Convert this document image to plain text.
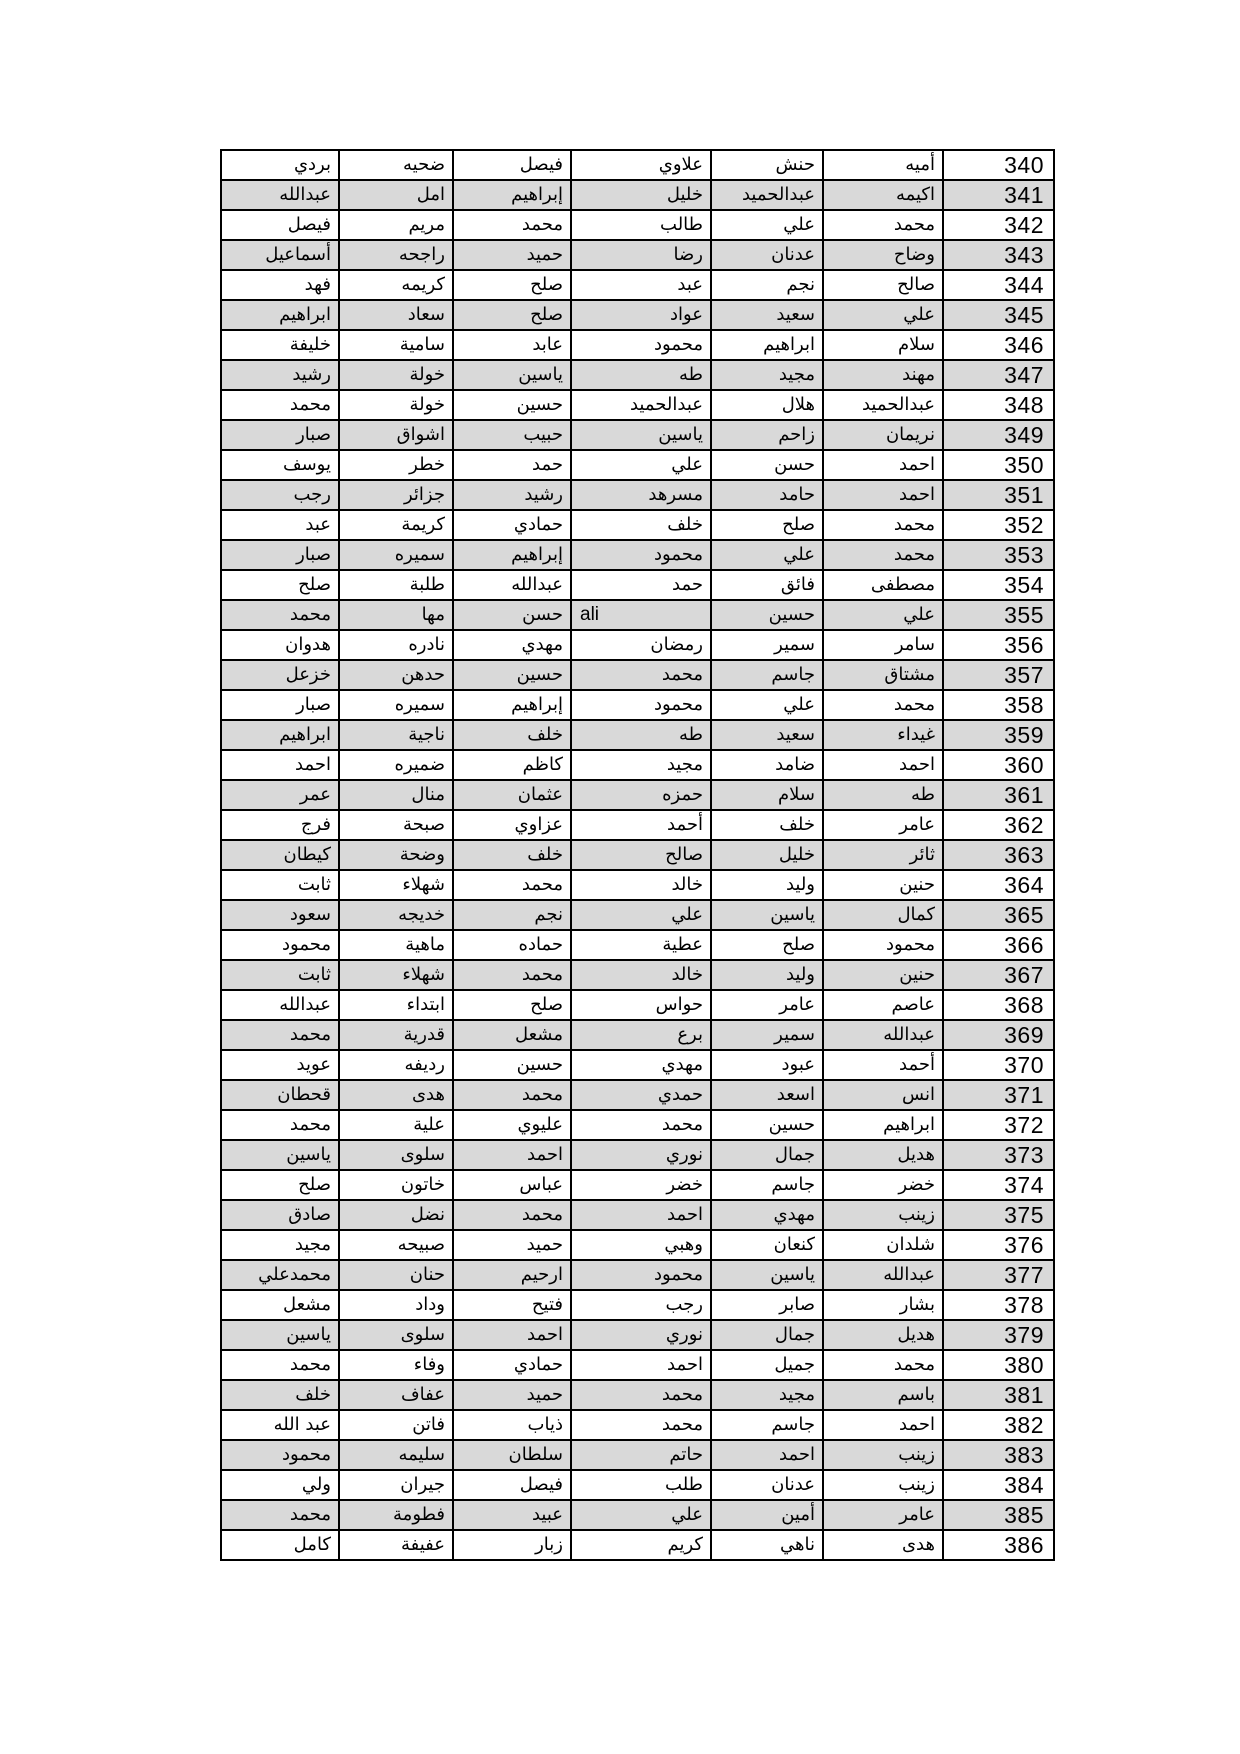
بردي	ضحيه	فيصل	علاوي	حنش	أميه	340
عبدالله	امل	إبراهيم	خليل	عبدالحميد	اكيمه	341
فيصل	مريم	محمد	طالب	علي	محمد	342
أسماعيل	راجحه	حميد	رضا	عدنان	وضاح	343
فهد	كريمه	صلح	عبد	نجم	صالح	344
ابراهيم	سعاد	صلح	عواد	سعيد	علي	345
خليفة	سامية	عابد	محمود	ابراهيم	سلام	346
رشيد	خولة	ياسين	طه	مجيد	مهند	347
محمد	خولة	حسين	عبدالحميد	هلال	عبدالحميد	348
صبار	اشواق	حبيب	ياسين	زاحم	نريمان	349
يوسف	خطر	حمد	علي	حسن	احمد	350
رجب	جزائر	رشيد	مسرهد	حامد	احمد	351
عبد	كريمة	حمادي	خلف	صلح	محمد	352
صبار	سميره	إبراهيم	محمود	علي	محمد	353
صلح	طلبة	عبدالله	حمد	فائق	مصطفى	354
محمد	مها	حسن	ali	حسين	علي	355
هدوان	نادره	مهدي	رمضان	سمير	سامر	356
خزعل	حدهن	حسين	محمد	جاسم	مشتاق	357
صبار	سميره	إبراهيم	محمود	علي	محمد	358
ابراهيم	ناجية	خلف	طه	سعيد	غيداء	359
احمد	ضميره	كاظم	مجيد	ضامد	احمد	360
عمر	منال	عثمان	حمزه	سلام	طه	361
فرج	صبحة	عزاوي	أحمد	خلف	عامر	362
كيطان	وضحة	خلف	صالح	خليل	ثائر	363
ثابت	شهلاء	محمد	خالد	وليد	حنين	364
سعود	خديجه	نجم	علي	ياسين	كمال	365
محمود	ماهية	حماده	عطية	صلح	محمود	366
ثابت	شهلاء	محمد	خالد	وليد	حنين	367
عبدالله	ابتداء	صلح	حواس	عامر	عاصم	368
محمد	قدرية	مشعل	برع	سمير	عبدالله	369
عويد	رديفه	حسين	مهدي	عبود	أحمد	370
قحطان	هدى	محمد	حمدي	اسعد	انس	371
محمد	علية	عليوي	محمد	حسين	ابراهيم	372
ياسين	سلوى	احمد	نوري	جمال	هديل	373
صلح	خاتون	عباس	خضر	جاسم	خضر	374
صادق	نضل	محمد	احمد	مهدي	زينب	375
مجيد	صبيحه	حميد	وهبي	كنعان	شلدان	376
محمدعلي	حنان	ارحيم	محمود	ياسين	عبدالله	377
مشعل	وداد	فتيح	رجب	صابر	بشار	378
ياسين	سلوى	احمد	نوري	جمال	هديل	379
محمد	وفاء	حمادي	احمد	جميل	محمد	380
خلف	عفاف	حميد	محمد	مجيد	باسم	381
عبد الله	فاتن	ذياب	محمد	جاسم	احمد	382
محمود	سليمه	سلطان	حاتم	احمد	زينب	383
ولي	جيران	فيصل	طلب	عدنان	زينب	384
محمد	فطومة	عبيد	علي	أمين	عامر	385
كامل	عفيفة	زبار	كريم	ناهي	هدى	386
